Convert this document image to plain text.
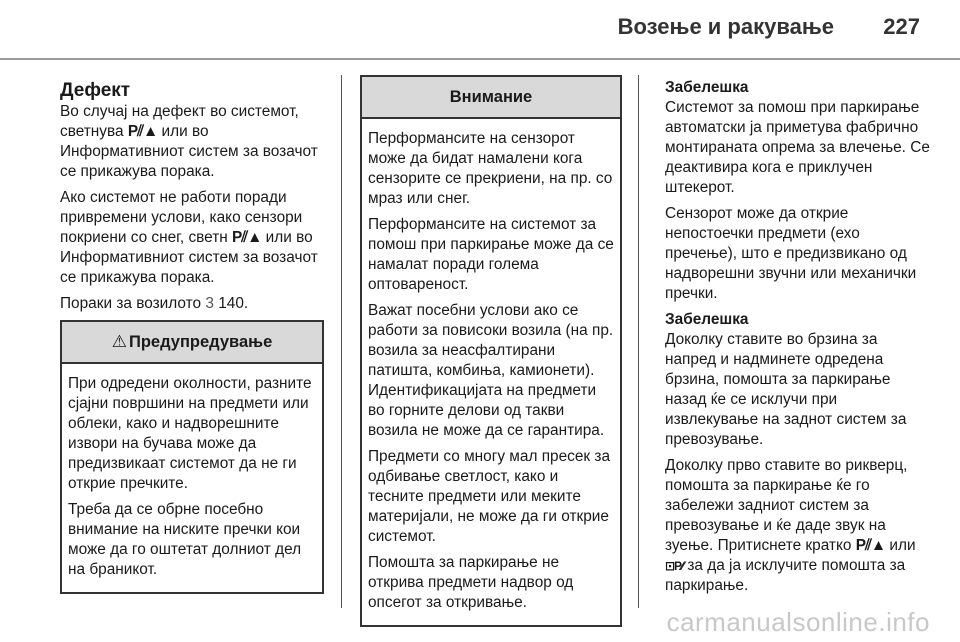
Возење и ракување 227
Дефект

Во случај на дефект во системот, светнува P⫽▲ или во Информативниот систем за возачот се прикажува порака.

Ако системот не работи поради привремени услови, како сензори покриени со снег, светн P⫽▲ или во Информативниот систем за возачот се прикажува порака.

Пораки за возилото 3 140.

⚠ Предупредување

При одредени околности, разните сјајни површини на предмети или облеки, како и надворешните извори на бучава може да предизвикаат системот да не ги открие пречките.

Треба да се обрне посебно внимание на ниските пречки кои може да го оштетат долниот дел на браникот.

Внимание

Перформансите на сензорот може да бидат намалени кога сензорите се прекриени, на пр. со мраз или снег.

Перформансите на системот за помош при паркирање може да се намалат поради голема оптовареност.

Важат посебни услови ако се работи за повисоки возила (на пр. возила за неасфалтирани патишта, комбиња, камионети). Идентификацијата на предмети во горните делови од такви возила не може да се гарантира.

Предмети со многу мал пресек за одбивање светлост, како и тесните предмети или меките материјали, не може да ги открие системот.

Помошта за паркирање не открива предмети надвор од опсегот за откривање.

Забелешка

Системот за помош при паркирање автоматски ја приметува фабрично монтираната опрема за влечење. Се деактивира кога е приклучен штекерот.

Сензорот може да открие непостоечки предмети (ехо пречење), што е предизвикано од надворешни звучни или механички пречки.

Забелешка

Доколку ставите во брзина за напред и надминете одредена брзина, помошта за паркирање назад ќе се исклучи при извлекување на заднот систем за превозување.

Доколку прво ставите во рикверц, помошта за паркирање ќе го забележи задниот систем за превозување и ќе даде звук на зуење. Притиснете кратко P⫽▲ или ⊡P⁄⁄ за да ја исклучите помошта за паркирање.

carmanualsonline.info
